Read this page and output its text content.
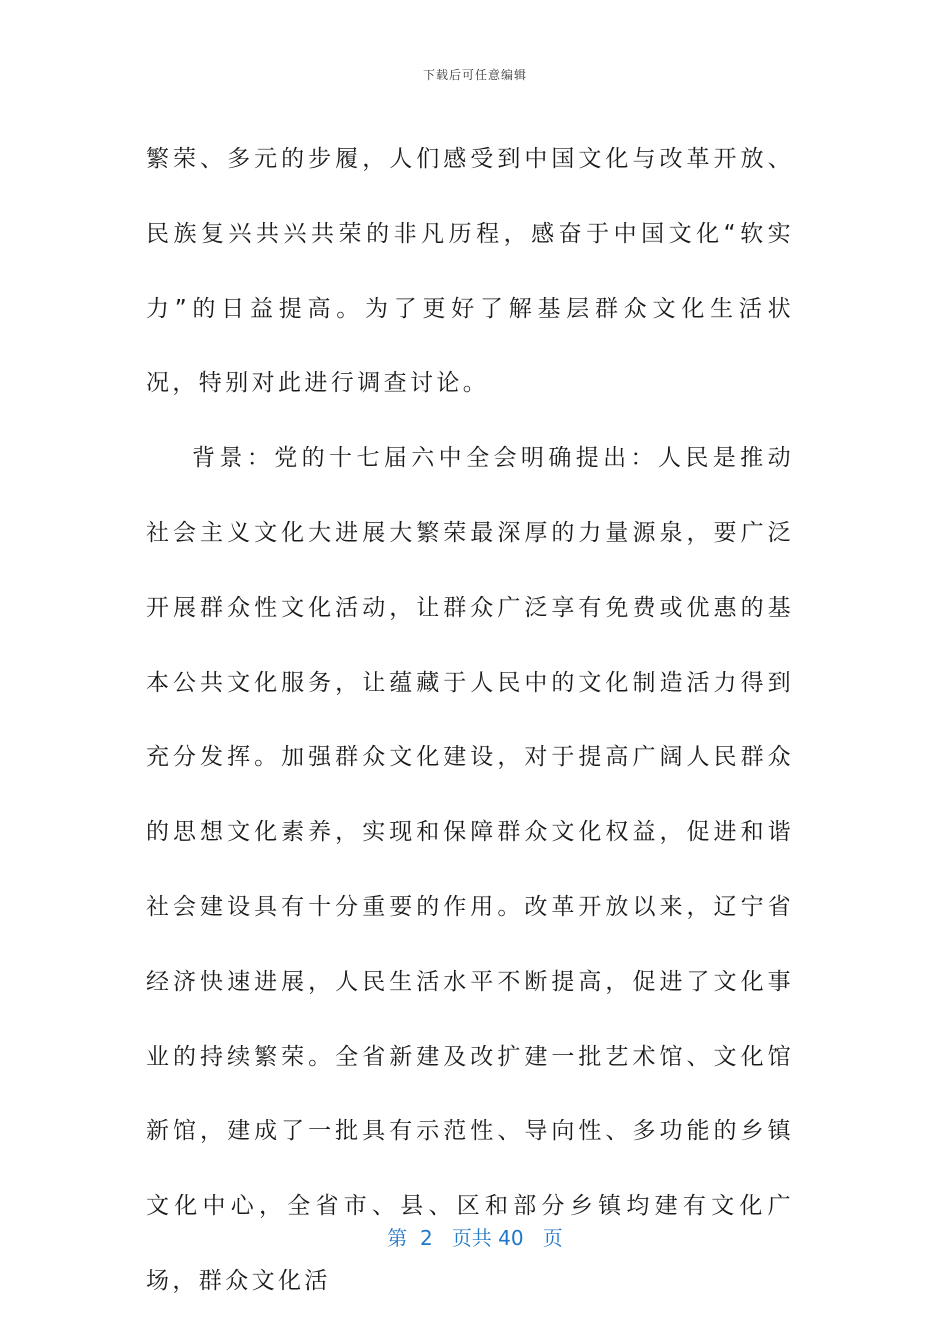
下载后可任意编辑

繁荣、多元的步履，人们感受到中国文化与改革开放、民族复兴共兴共荣的非凡历程，感奋于中国文化“软实力”的日益提高。为了更好了解基层群众文化生活状况，特别对此进行调查讨论。

背景：党的十七届六中全会明确提出：人民是推动社会主义文化大进展大繁荣最深厚的力量源泉，要广泛开展群众性文化活动，让群众广泛享有免费或优惠的基本公共文化服务，让蕴藏于人民中的文化制造活力得到充分发挥。加强群众文化建设，对于提高广阔人民群众的思想文化素养，实现和保障群众文化权益，促进和谐社会建设具有十分重要的作用。改革开放以来，辽宁省经济快速进展，人民生活水平不断提高，促进了文化事业的持续繁荣。全省新建及改扩建一批艺术馆、文化馆新馆，建成了一批具有示范性、导向性、多功能的乡镇文化中心，全省市、县、区和部分乡镇均建有文化广场，群众文化活

第 2 页共 40 页
